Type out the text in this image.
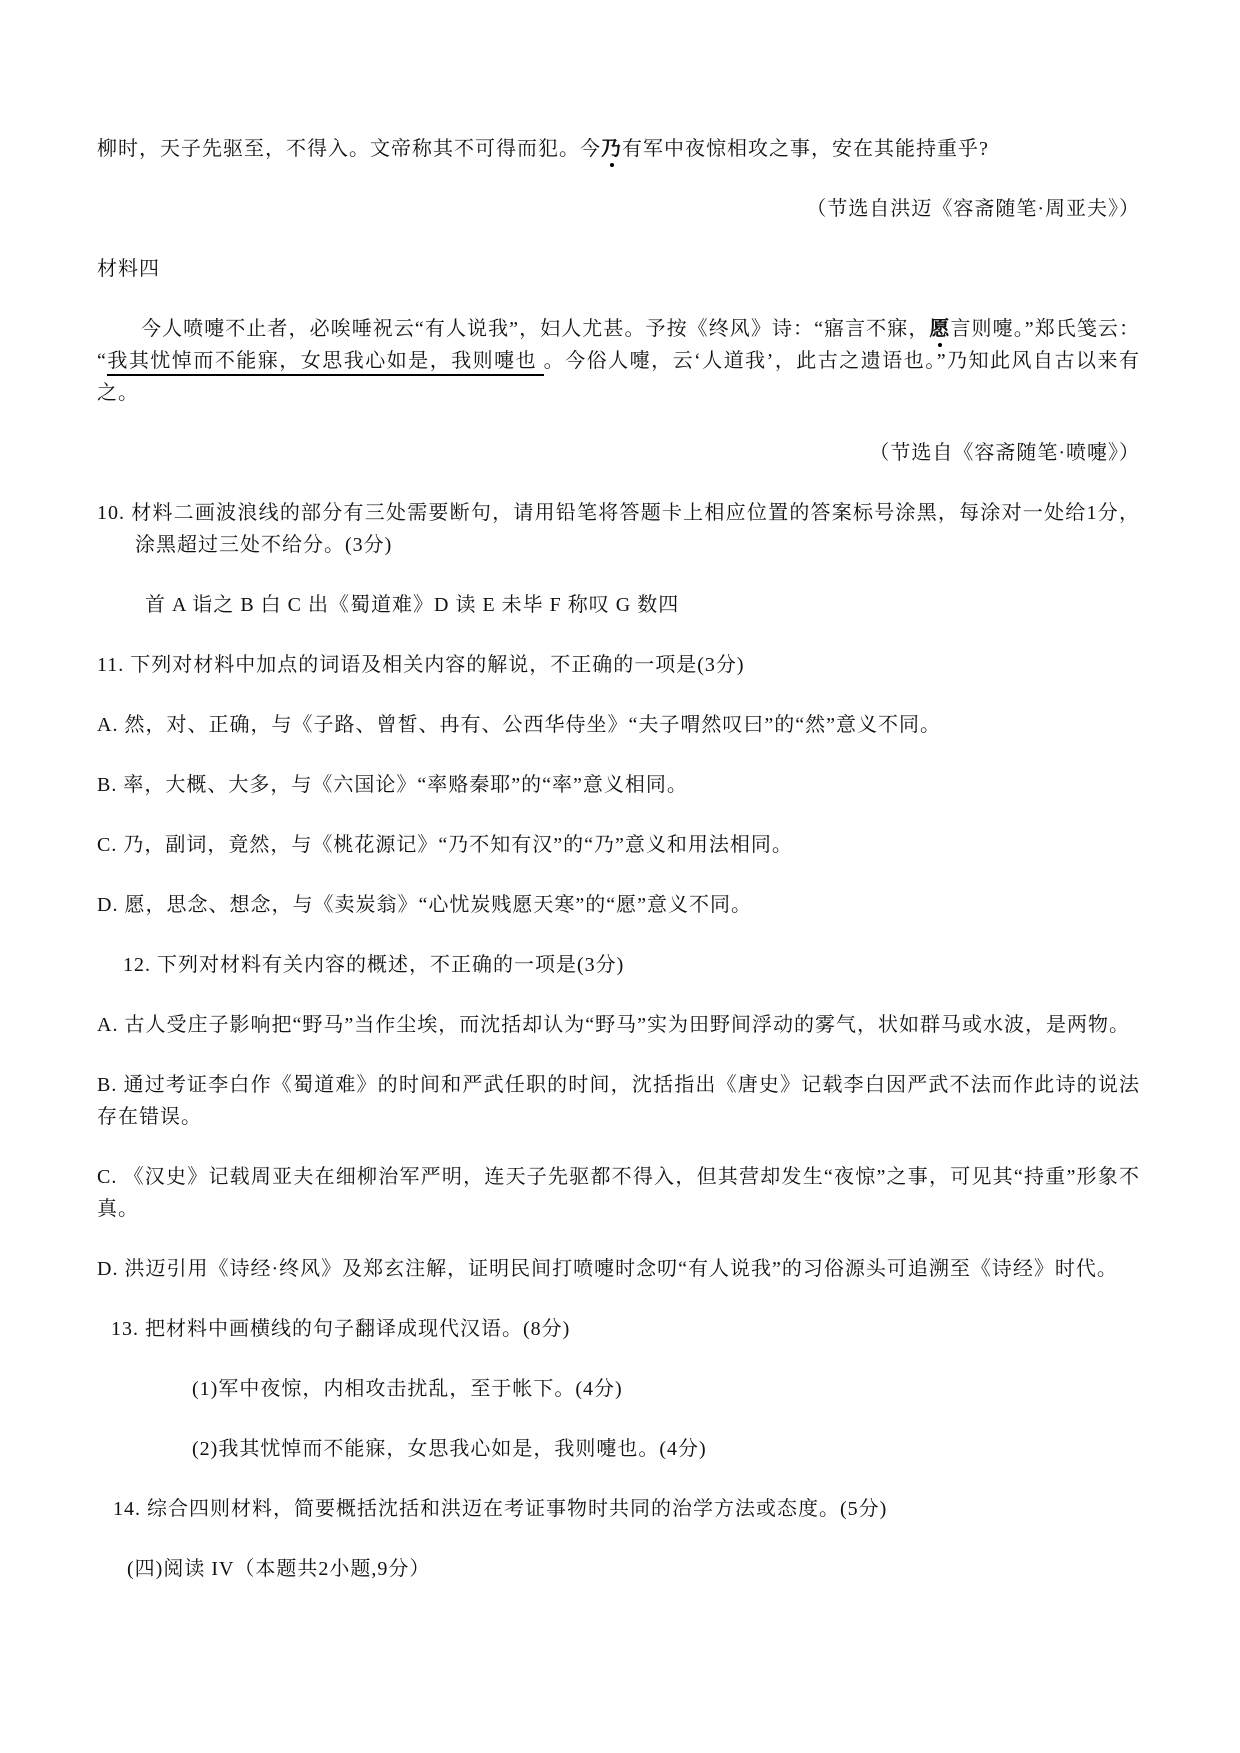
柳时，天子先驱至，不得入。文帝称其不可得而犯。今乃有军中夜惊相攻之事，安在其能持重乎?

（节选自洪迈《容斋随笔·周亚夫》）

材料四

今人喷嚏不止者，必唉唾祝云“有人说我”，妇人尤甚。予按《终风》诗：“寤言不寐，愿言则嚏。”郑氏笺云：“我其忧悼而不能寐，女思我心如是，我则嚏也 。今俗人嚏，云‘人道我’，此古之遗语也。”乃知此风自古以来有之。

（节选自《容斋随笔·喷嚏》）

10. 材料二画波浪线的部分有三处需要断句，请用铅笔将答题卡上相应位置的答案标号涂黑，每涂对一处给1分，涂黑超过三处不给分。(3分)

首 A 诣之 B 白 C 出《蜀道难》D 读 E 未毕 F 称叹 G 数四

11. 下列对材料中加点的词语及相关内容的解说，不正确的一项是(3分)

A. 然，对、正确，与《子路、曾皙、冉有、公西华侍坐》“夫子喟然叹曰”的“然”意义不同。

B. 率，大概、大多，与《六国论》“率赂秦耶”的“率”意义相同。

C. 乃，副词，竟然，与《桃花源记》“乃不知有汉”的“乃”意义和用法相同。

D. 愿，思念、想念，与《卖炭翁》“心忧炭贱愿天寒”的“愿”意义不同。

12. 下列对材料有关内容的概述，不正确的一项是(3分)

A. 古人受庄子影响把“野马”当作尘埃，而沈括却认为“野马”实为田野间浮动的雾气，状如群马或水波，是两物。

B. 通过考证李白作《蜀道难》的时间和严武任职的时间，沈括指出《唐史》记载李白因严武不法而作此诗的说法存在错误。

C. 《汉史》记载周亚夫在细柳治军严明，连天子先驱都不得入，但其营却发生“夜惊”之事，可见其“持重”形象不真。

D. 洪迈引用《诗经·终风》及郑玄注解，证明民间打喷嚏时念叨“有人说我”的习俗源头可追溯至《诗经》时代。

13. 把材料中画横线的句子翻译成现代汉语。(8分)

(1)军中夜惊，内相攻击扰乱，至于帐下。(4分)

(2)我其忧悼而不能寐，女思我心如是，我则嚏也。(4分)

14. 综合四则材料，简要概括沈括和洪迈在考证事物时共同的治学方法或态度。(5分)

(四)阅读 IV（本题共2小题,9分）
